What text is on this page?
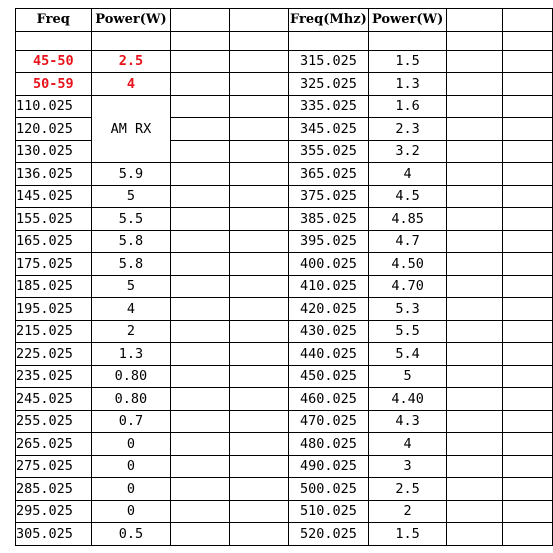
Freq	Power(W)			Freq(Mhz)	Power(W)		

45-50	2.5			315.025	1.5		
50-59	4			325.025	1.3		
110.025	AM RX			335.025	1.6		
120.025				345.025	2.3		
130.025				355.025	3.2		
136.025	5.9			365.025	4		
145.025	5			375.025	4.5		
155.025	5.5			385.025	4.85		
165.025	5.8			395.025	4.7		
175.025	5.8			400.025	4.50		
185.025	5			410.025	4.70		
195.025	4			420.025	5.3		
215.025	2			430.025	5.5		
225.025	1.3			440.025	5.4		
235.025	0.80			450.025	5		
245.025	0.80			460.025	4.40		
255.025	0.7			470.025	4.3		
265.025	0			480.025	4		
275.025	0			490.025	3		
285.025	0			500.025	2.5		
295.025	0			510.025	2		
305.025	0.5			520.025	1.5		
